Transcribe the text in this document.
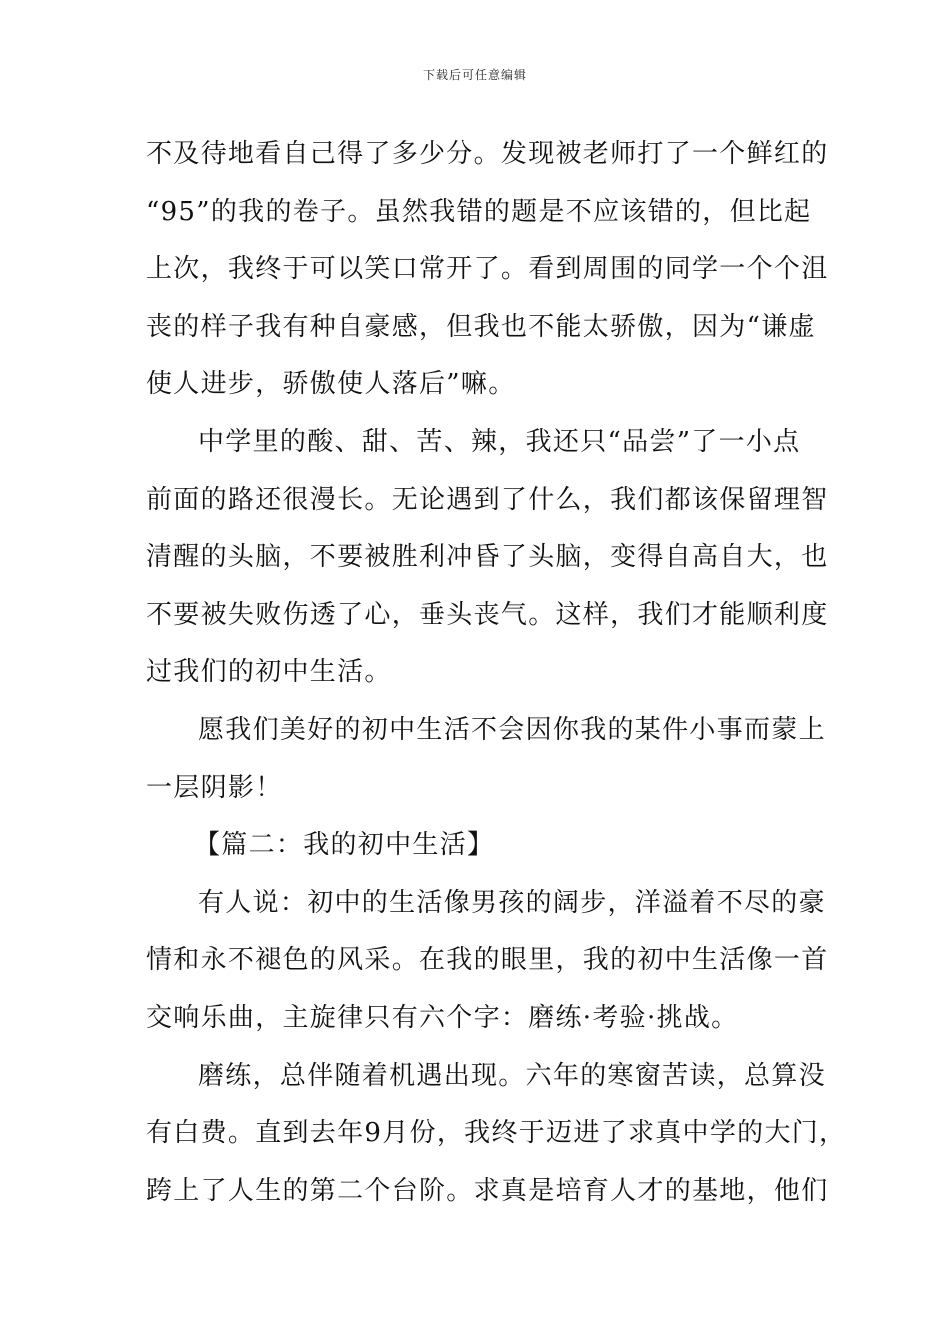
下载后可任意编辑
不及待地看自己得了多少分。发现被老师打了一个鲜红的
“95”的我的卷子。虽然我错的题是不应该错的，但比起
上次，我终于可以笑口常开了。看到周围的同学一个个沮
丧的样子我有种自豪感，但我也不能太骄傲，因为“谦虚
使人进步，骄傲使人落后”嘛。
中学里的酸、甜、苦、辣，我还只“品尝”了一小点
前面的路还很漫长。无论遇到了什么，我们都该保留理智
清醒的头脑，不要被胜利冲昏了头脑，变得自高自大，也
不要被失败伤透了心，垂头丧气。这样，我们才能顺利度
过我们的初中生活。
愿我们美好的初中生活不会因你我的某件小事而蒙上
一层阴影！
【篇二：我的初中生活】
有人说：初中的生活像男孩的阔步，洋溢着不尽的豪
情和永不褪色的风采。在我的眼里，我的初中生活像一首
交响乐曲，主旋律只有六个字：磨练·考验·挑战。
磨练，总伴随着机遇出现。六年的寒窗苦读，总算没
有白费。直到去年9月份，我终于迈进了求真中学的大门，
跨上了人生的第二个台阶。求真是培育人才的基地，他们
